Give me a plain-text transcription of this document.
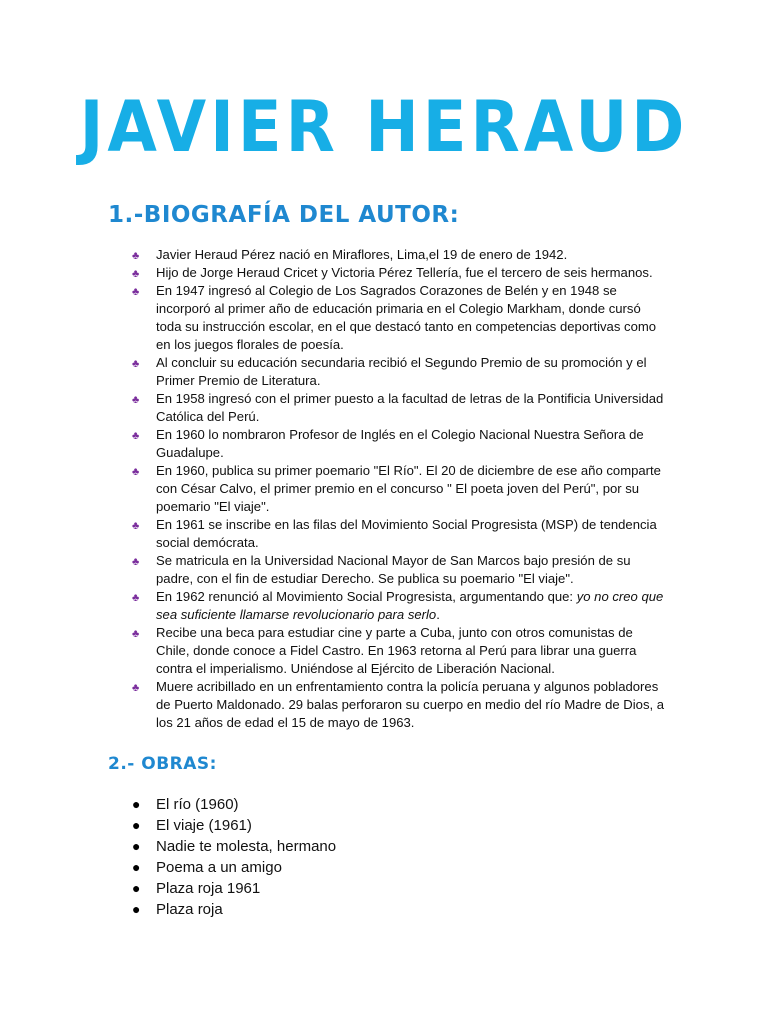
JAVIER HERAUD
1.-BIOGRAFÍA DEL AUTOR:
♣ Javier Heraud Pérez nació en Miraflores, Lima,el 19 de enero de 1942.
♣ Hijo de Jorge Heraud Cricet y Victoria Pérez Tellería, fue el tercero de seis hermanos.
♣ En 1947 ingresó al Colegio de Los Sagrados Corazones de Belén y en 1948 se incorporó al primer año de educación primaria en el Colegio Markham, donde cursó toda su instrucción escolar, en el que destacó tanto en competencias deportivas como en los juegos florales de poesía.
♣ Al concluir su educación secundaria recibió el Segundo Premio de su promoción y el Primer Premio de Literatura.
♣ En 1958 ingresó con el primer puesto a la facultad de letras de la Pontificia Universidad Católica del Perú.
♣ En 1960 lo nombraron Profesor de Inglés en el Colegio Nacional Nuestra Señora de Guadalupe.
♣ En 1960, publica su primer poemario "El Río". El 20 de diciembre de ese año comparte con César Calvo, el primer premio en el concurso " El poeta joven del Perú", por su poemario "El viaje".
♣ En 1961 se inscribe en las filas del Movimiento Social Progresista (MSP) de tendencia social demócrata.
♣ Se matricula en la Universidad Nacional Mayor de San Marcos bajo presión de su padre, con el fin de estudiar Derecho. Se publica su poemario "El viaje".
♣ En 1962 renunció al Movimiento Social Progresista, argumentando que: yo no creo que sea suficiente llamarse revolucionario para serlo.
♣ Recibe una beca para estudiar cine y parte a Cuba, junto con otros comunistas de Chile, donde conoce a Fidel Castro. En 1963 retorna al Perú para librar una guerra contra el imperialismo. Uniéndose al Ejército de Liberación Nacional.
♣ Muere acribillado en un enfrentamiento contra la policía peruana y algunos pobladores de Puerto Maldonado. 29 balas perforaron su cuerpo en medio del río Madre de Dios, a los 21 años de edad el 15 de mayo de 1963.
2.- OBRAS:
● El río (1960)
● El viaje (1961)
● Nadie te molesta, hermano
● Poema a un amigo
● Plaza roja 1961
● Plaza roja
